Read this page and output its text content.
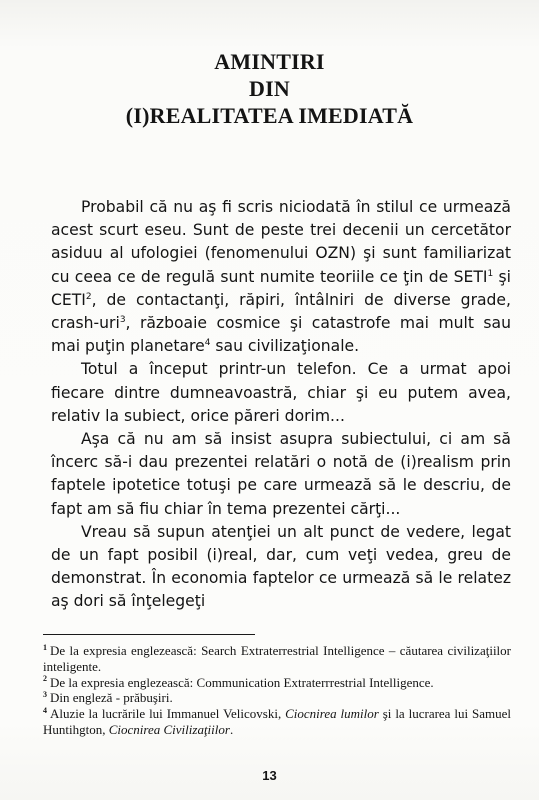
AMINTIRI
DIN
(I)REALITATEA IMEDIATĂ

Probabil că nu aş fi scris niciodată în stilul ce urmează acest scurt eseu. Sunt de peste trei decenii un cercetător asiduu al ufologiei (fenomenului OZN) şi sunt familiarizat cu ceea ce de regulă sunt numite teoriile ce ţin de SETI$^1$ şi CETI$^2$, de contactanţi, răpiri, întâlniri de diverse grade, crash-uri$^3$, războaie cosmice şi catastrofe mai mult sau mai puţin planetare$^4$ sau civilizaţionale.

Totul a început printr-un telefon. Ce a urmat apoi fiecare dintre dumneavoastră, chiar şi eu putem avea, relativ la subiect, orice păreri dorim...

Aşa că nu am să insist asupra subiectului, ci am să încerc să-i dau prezentei relatări o notă de (i)realism prin faptele ipotetice totuşi pe care urmează să le descriu, de fapt am să fiu chiar în tema prezentei cărţi...

Vreau să supun atenţiei un alt punct de vedere, legat de un fapt posibil (i)real, dar, cum veţi vedea, greu de demonstrat. În economia faptelor ce urmează să le relatez aş dori să înţelegeţi

$^1$ De la expresia englezească: Search Extraterrestrial Intelligence – căutarea civilizaţiilor inteligente.

$^2$ De la expresia englezească: Communication Extraterrrestrial Intelligence.

$^3$ Din engleză - prăbuşiri.

$^4$ Aluzie la lucrările lui Immanuel Velicovski, Ciocnirea lumilor şi la lucrarea lui Samuel Huntihgton, Ciocnirea Civilizaţiilor.

13
